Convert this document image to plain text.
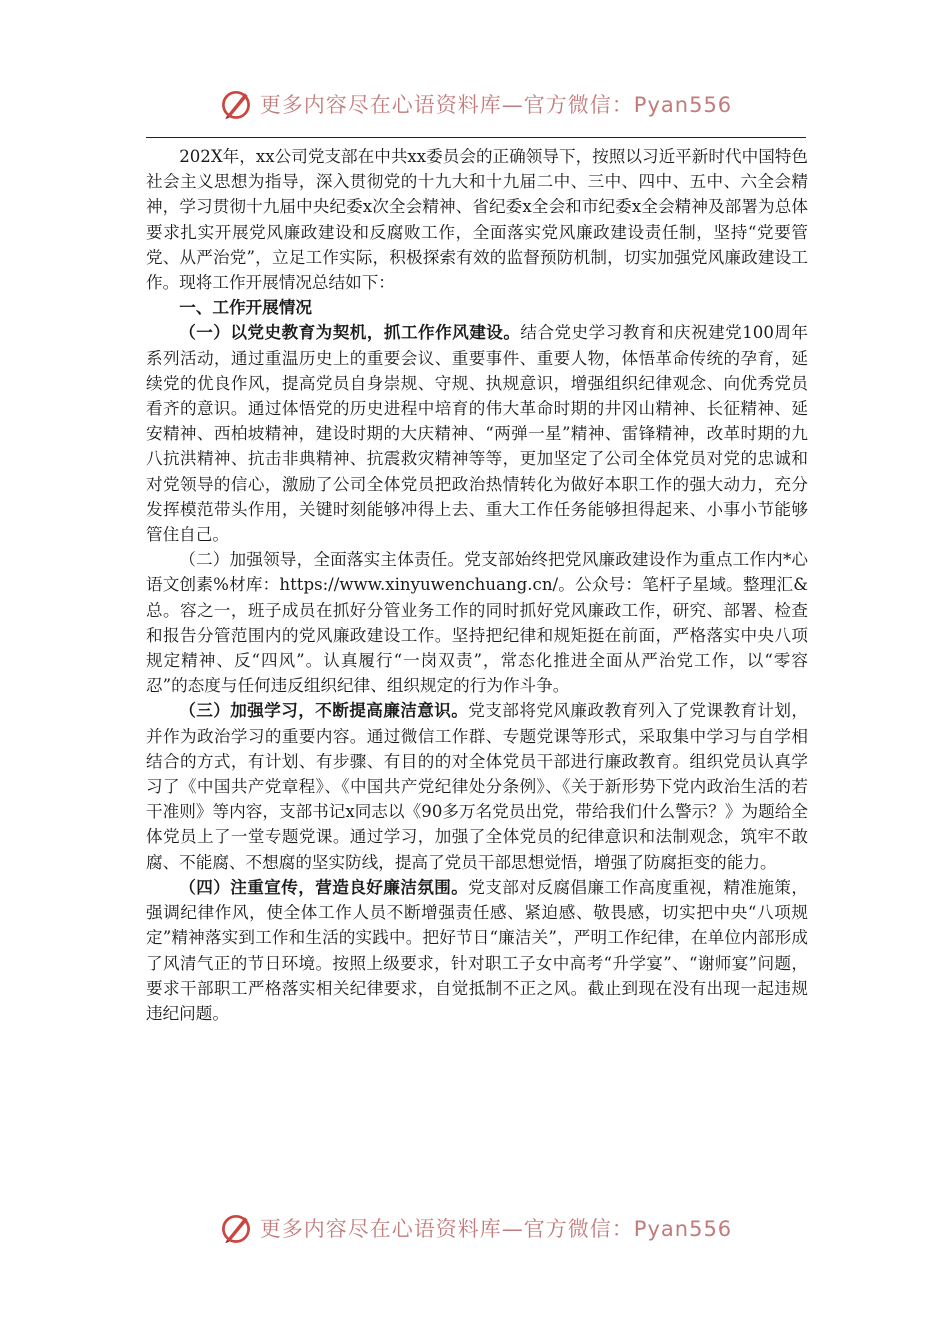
更多内容尽在心语资料库—官方微信：Pyan556

202X年，xx公司党支部在中共xx委员会的正确领导下，按照以习近平新时代中国特色社会主义思想为指导，深入贯彻党的十九大和十九届二中、三中、四中、五中、六全会精神，学习贯彻十九届中央纪委x次全会精神、省纪委x全会和市纪委x全会精神及部署为总体要求扎实开展党风廉政建设和反腐败工作，全面落实党风廉政建设责任制，坚持“党要管党、从严治党”，立足工作实际，积极探索有效的监督预防机制，切实加强党风廉政建设工作。现将工作开展情况总结如下：

一、工作开展情况

（一）以党史教育为契机，抓工作作风建设。结合党史学习教育和庆祝建党100周年系列活动，通过重温历史上的重要会议、重要事件、重要人物，体悟革命传统的孕育，延续党的优良作风，提高党员自身崇规、守规、执规意识，增强组织纪律观念、向优秀党员看齐的意识。通过体悟党的历史进程中培育的伟大革命时期的井冈山精神、长征精神、延安精神、西柏坡精神，建设时期的大庆精神、“两弹一星”精神、雷锋精神，改革时期的九八抗洪精神、抗击非典精神、抗震救灾精神等等，更加坚定了公司全体党员对党的忠诚和对党领导的信心，激励了公司全体党员把政治热情转化为做好本职工作的强大动力，充分发挥模范带头作用，关键时刻能够冲得上去、重大工作任务能够担得起来、小事小节能够管住自己。

（二）加强领导，全面落实主体责任。党支部始终把党风廉政建设作为重点工作内*心语文创素%材库：https://www.xinyuwenchuang.cn/。公众号：笔杆子星域。整理汇&总。容之一，班子成员在抓好分管业务工作的同时抓好党风廉政工作，研究、部署、检查和报告分管范围内的党风廉政建设工作。坚持把纪律和规矩挺在前面，严格落实中央八项规定精神、反“四风”。认真履行“一岗双责”，常态化推进全面从严治党工作，以“零容忍”的态度与任何违反组织纪律、组织规定的行为作斗争。

（三）加强学习，不断提高廉洁意识。党支部将党风廉政教育列入了党课教育计划，并作为政治学习的重要内容。通过微信工作群、专题党课等形式，采取集中学习与自学相结合的方式，有计划、有步骤、有目的的对全体党员干部进行廉政教育。组织党员认真学习了《中国共产党章程》、《中国共产党纪律处分条例》、《关于新形势下党内政治生活的若干准则》等内容，支部书记x同志以《90多万名党员出党，带给我们什么警示？》为题给全体党员上了一堂专题党课。通过学习，加强了全体党员的纪律意识和法制观念，筑牢不敢腐、不能腐、不想腐的坚实防线，提高了党员干部思想觉悟，增强了防腐拒变的能力。

（四）注重宣传，营造良好廉洁氛围。党支部对反腐倡廉工作高度重视，精准施策，强调纪律作风，使全体工作人员不断增强责任感、紧迫感、敬畏感，切实把中央“八项规定”精神落实到工作和生活的实践中。把好节日“廉洁关”，严明工作纪律，在单位内部形成了风清气正的节日环境。按照上级要求，针对职工子女中高考“升学宴”、“谢师宴”问题，要求干部职工严格落实相关纪律要求，自觉抵制不正之风。截止到现在没有出现一起违规违纪问题。

更多内容尽在心语资料库—官方微信：Pyan556
